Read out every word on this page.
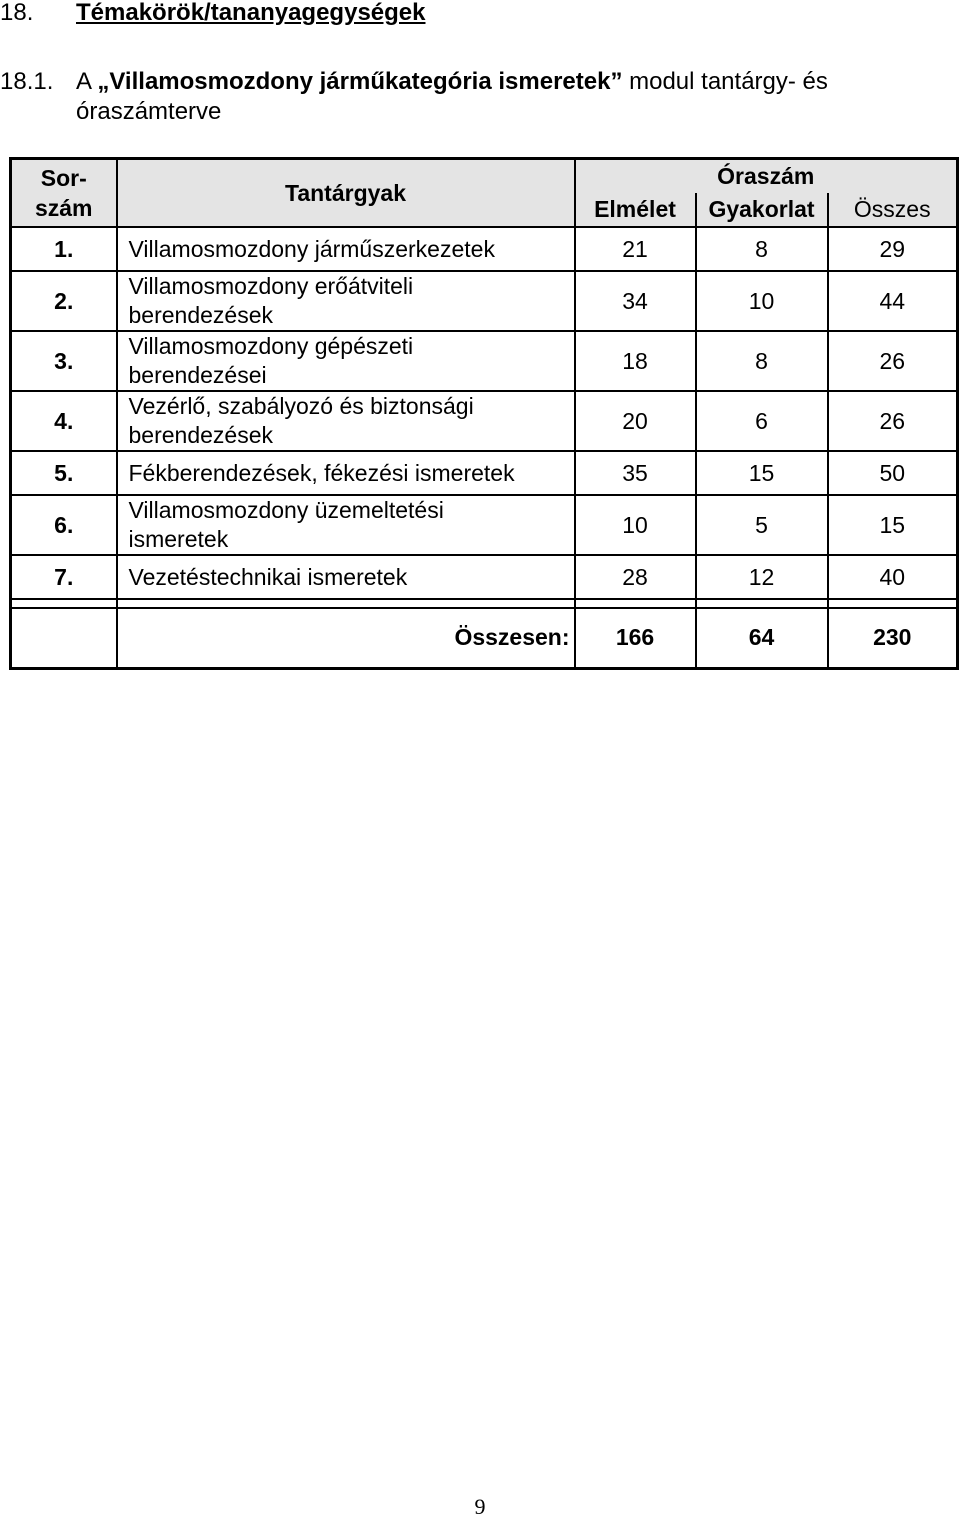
18. Témakörök/tananyagegységek
18.1. A „Villamosmozdony járműkategória ismeretek” modul tantárgy- és
óraszámterve
Sor-
szám	Tantárgyak	Óraszám		
		Elmélet	Gyakorlat	Összes
1.	Villamosmozdony járműszerkezetek	21	8	29
2.	Villamosmozdony erőátviteli
berendezések	34	10	44
3.	Villamosmozdony gépészeti
berendezései	18	8	26
4.	Vezérlő, szabályozó és biztonsági
berendezések	20	6	26
5.	Fékberendezések, fékezési ismeretek	35	15	50
6.	Villamosmozdony üzemeltetési
ismeretek	10	5	15
7.	Vezetéstechnikai ismeretek	28	12	40

	Összesen:	166	64	230
9
